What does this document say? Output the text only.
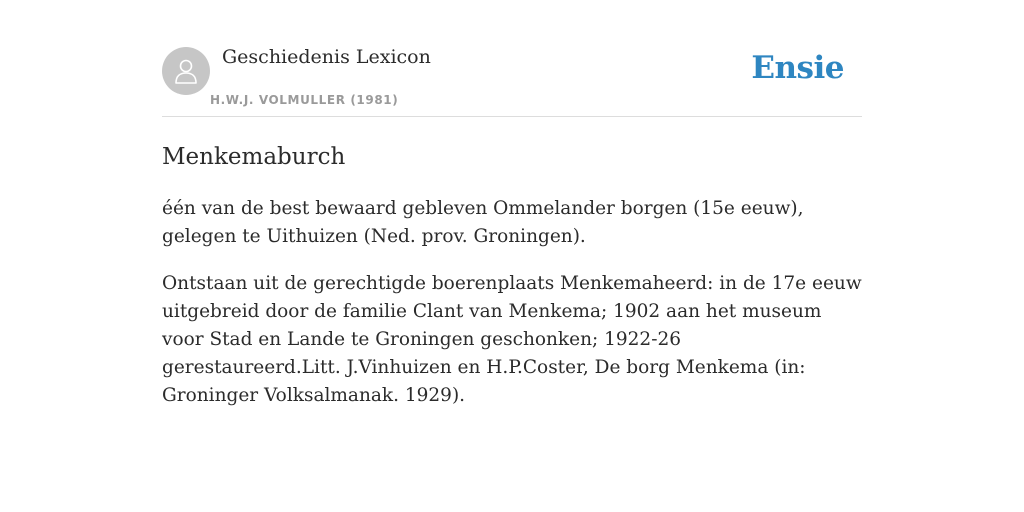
Geschiedenis Lexicon
H.W.J. VOLMULLER (1981)
Ensie
Menkemaburch

één van de best bewaard gebleven Ommelander borgen (15e eeuw), gelegen te Uithuizen (Ned. prov. Groningen).

Ontstaan uit de gerechtigde boerenplaats Menkemaheerd: in de 17e eeuw uitgebreid door de familie Clant van Menkema; 1902 aan het museum voor Stad en Lande te Groningen geschonken; 1922-26 gerestaureerd.Litt. J.Vinhuizen en H.P.Coster, De borg Menkema (in: Groninger Volksalmanak. 1929).
